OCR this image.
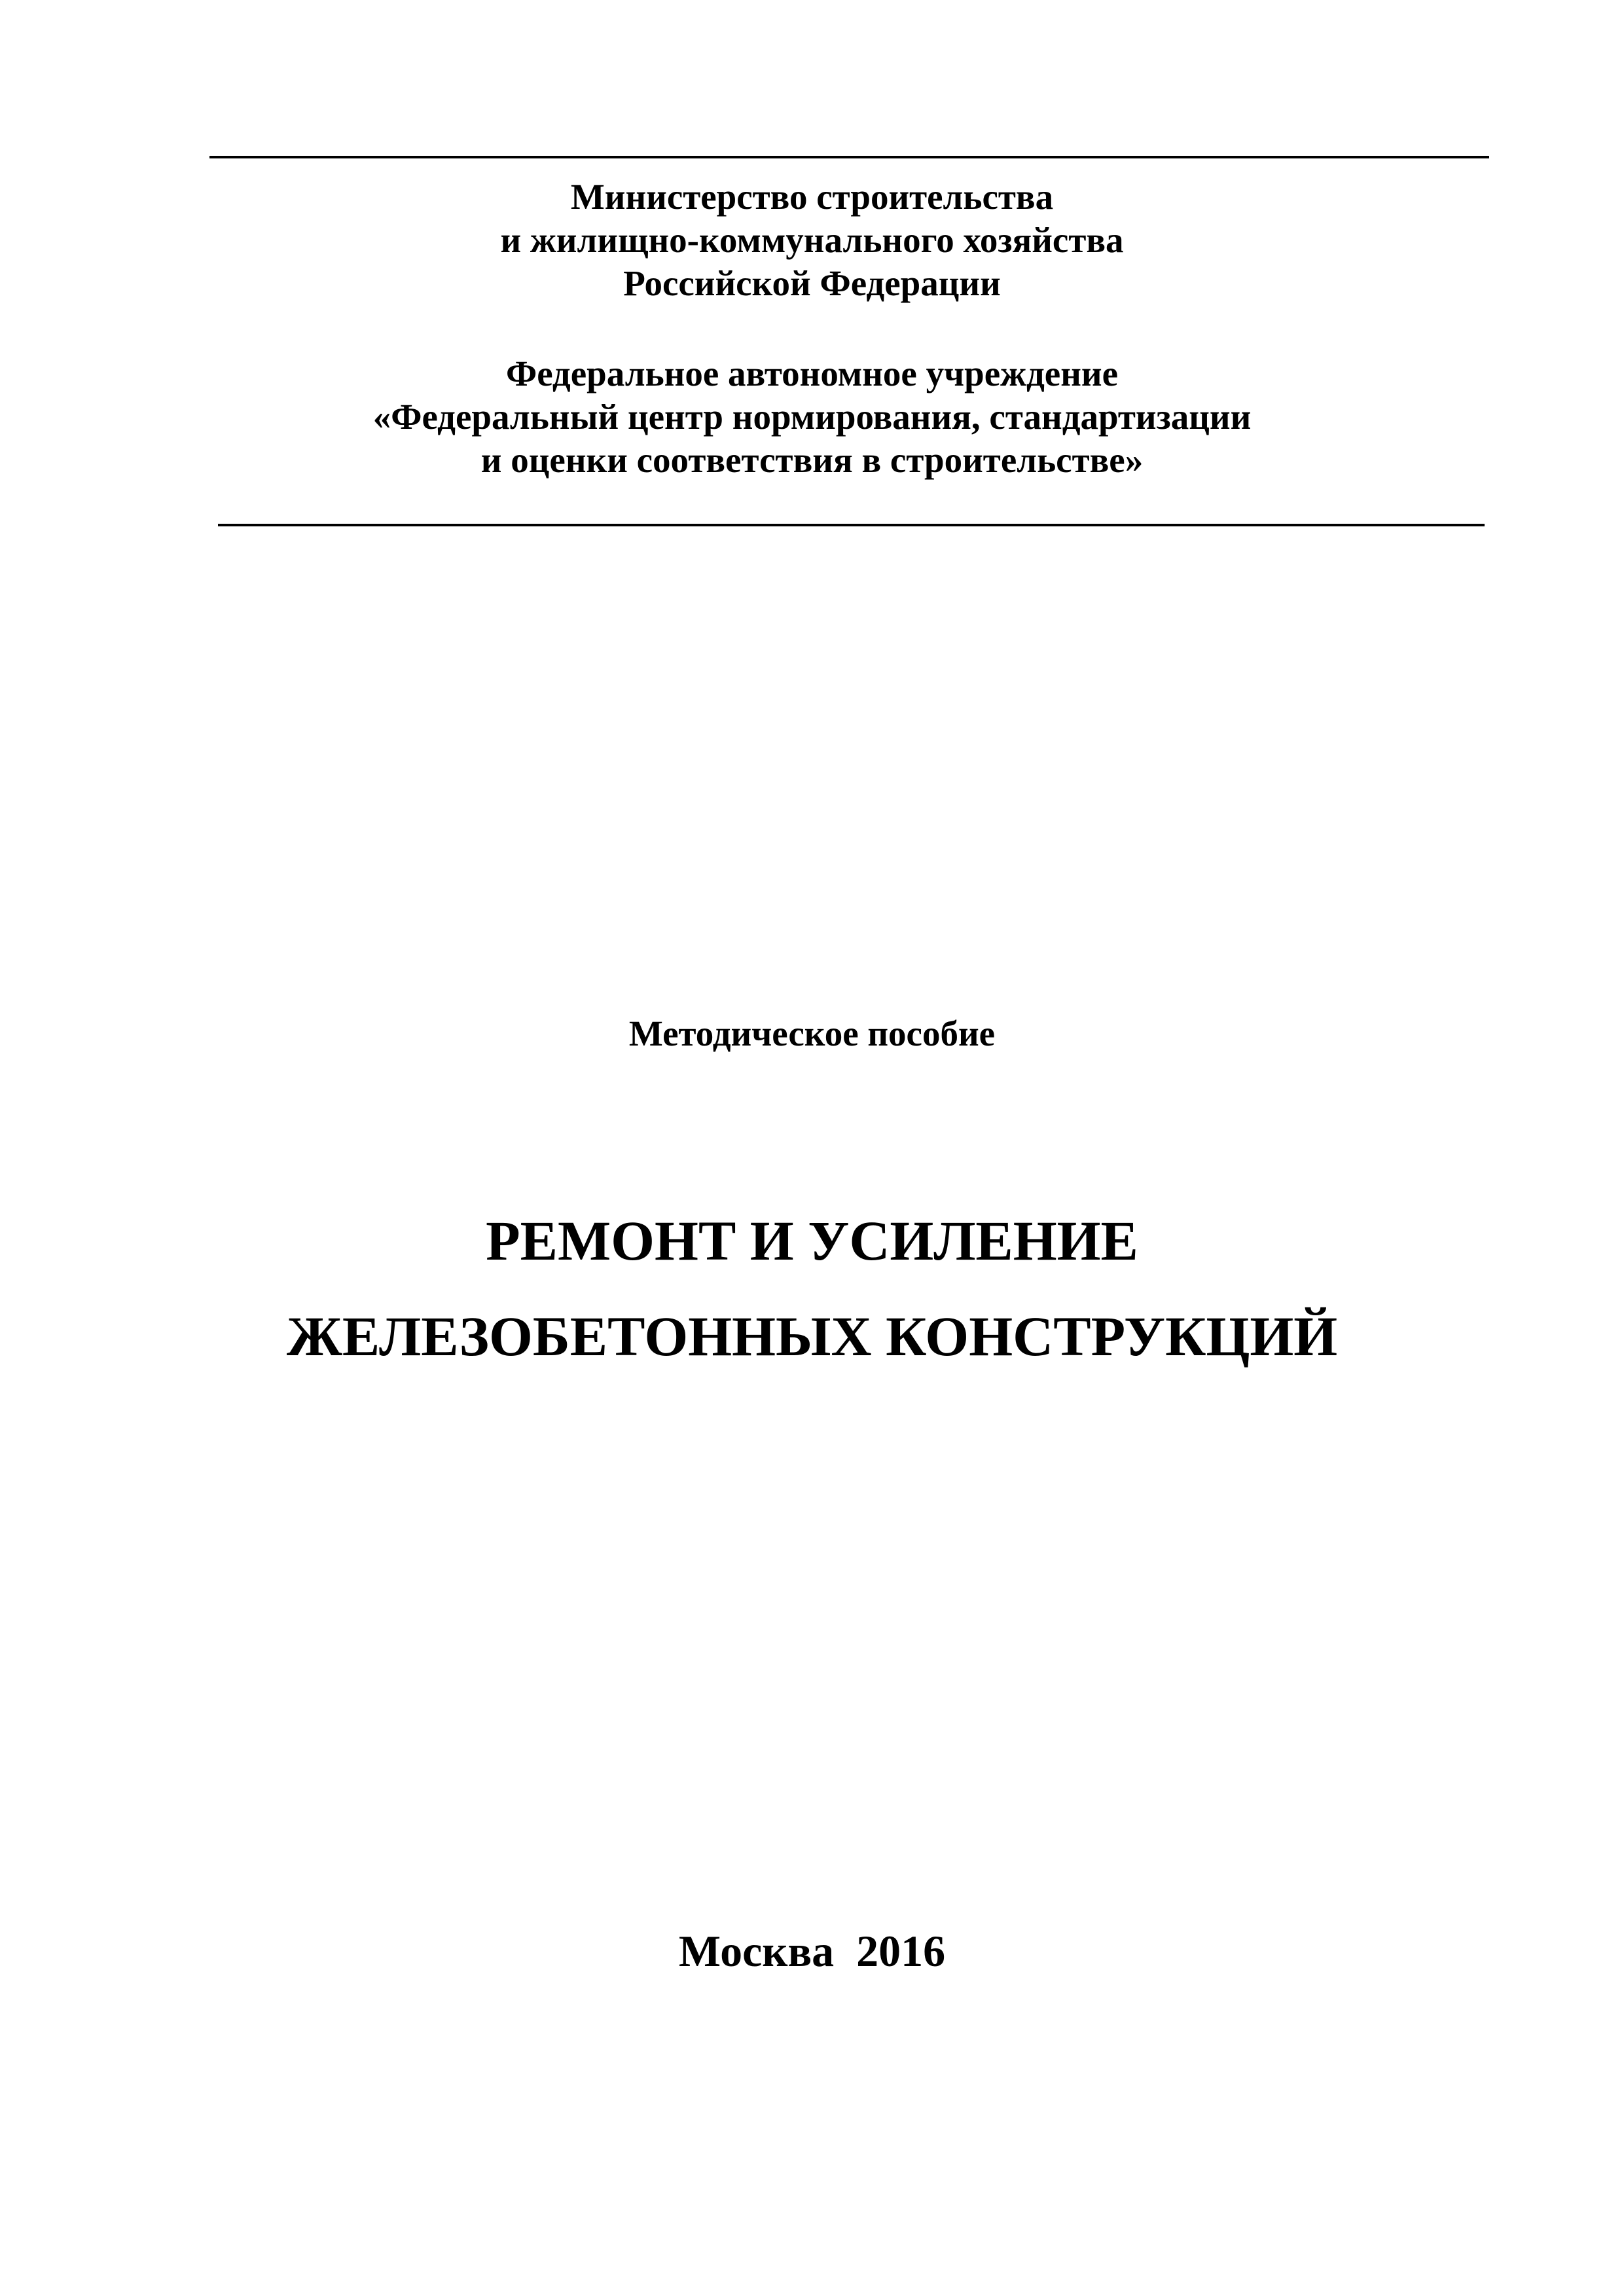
Министерство строительства
и жилищно-коммунального хозяйства
Российской Федерации
Федеральное автономное учреждение
«Федеральный центр нормирования, стандартизации
и оценки соответствия в строительстве»
Методическое пособие
РЕМОНТ И УСИЛЕНИЕ
ЖЕЛЕЗОБЕТОННЫХ КОНСТРУКЦИЙ
Москва  2016
